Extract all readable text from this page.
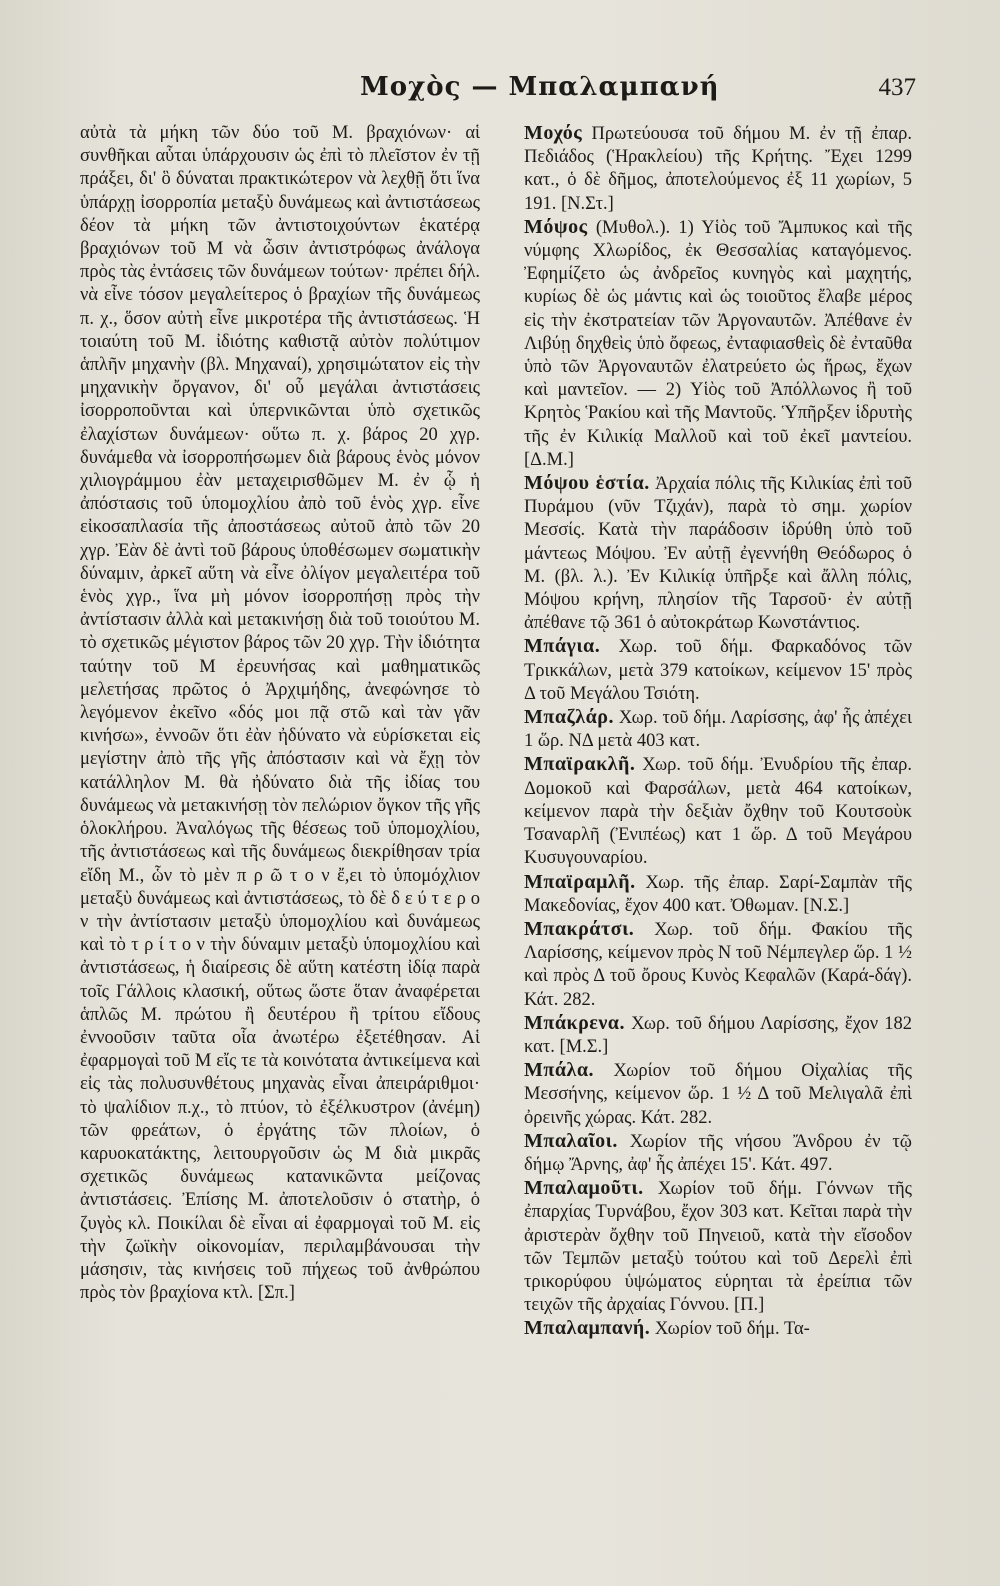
Μοχὸς — Μπαλαμπανή	437

αὐτὰ τὰ μήκη τῶν δύο τοῦ Μ. βραχιόνων· αἱ συνθῆκαι αὗται ὑπάρχουσιν ὡς ἐπὶ τὸ πλεῖστον ἐν τῇ πράξει, δι' ὃ δύναται πρακτικώτερον νὰ λεχθῇ ὅτι ἵνα ὑπάρχῃ ἰσορροπία μεταξὺ δυνάμεως καὶ ἀντιστάσεως δέον τὰ μήκη τῶν ἀντιστοιχούντων ἑκατέρᾳ βραχιόνων τοῦ Μ νὰ ὦσιν ἀντιστρόφως ἀνάλογα πρὸς τὰς ἐντάσεις τῶν δυνάμεων τούτων· πρέπει δήλ. νὰ εἶνε τόσον μεγαλείτερος ὁ βραχίων τῆς δυνάμεως π. χ., ὅσον αὐτὴ εἶνε μικροτέρα τῆς ἀντιστάσεως. Ἡ τοιαύτη τοῦ Μ. ἰδιότης καθιστᾷ αὐτὸν πολύτιμον ἁπλῆν μηχανὴν (βλ. Μηχαναί), χρησιμώτατον εἰς τὴν μηχανικὴν ὄργανον, δι' οὗ μεγάλαι ἀντιστάσεις ἰσορροποῦνται καὶ ὑπερνικῶνται ὑπὸ σχετικῶς ἐλαχίστων δυνάμεων· οὕτω π. χ. βάρος 20 χγρ. δυνάμεθα νὰ ἰσορροπήσωμεν διὰ βάρους ἑνὸς μόνον χιλιογράμμου ἐὰν μεταχειρισθῶμεν Μ. ἐν ᾧ ἡ ἀπόστασις τοῦ ὑπομοχλίου ἀπὸ τοῦ ἑνὸς χγρ. εἶνε εἰκοσαπλασία τῆς ἀποστάσεως αὐτοῦ ἀπὸ τῶν 20 χγρ. Ἐὰν δὲ ἀντὶ τοῦ βάρους ὑποθέσωμεν σωματικὴν δύναμιν, ἀρκεῖ αὕτη νὰ εἶνε ὀλίγον μεγαλειτέρα τοῦ ἑνὸς χγρ., ἵνα μὴ μόνον ἰσορροπήσῃ πρὸς τὴν ἀντίστασιν ἀλλὰ καὶ μετακινήσῃ διὰ τοῦ τοιούτου Μ. τὸ σχετικῶς μέγιστον βάρος τῶν 20 χγρ. Τὴν ἰδιότητα ταύτην τοῦ Μ ἐρευνήσας καὶ μαθηματικῶς μελετήσας πρῶτος ὁ Ἀρχιμήδης, ἀνεφώνησε τὸ λεγόμενον ἐκεῖνο «δός μοι πᾷ στῶ καὶ τὰν γᾶν κινήσω», ἐννοῶν ὅτι ἐὰν ἠδύνατο νὰ εὑρίσκεται εἰς μεγίστην ἀπὸ τῆς γῆς ἀπόστασιν καὶ νὰ ἔχῃ τὸν κατάλληλον Μ. θὰ ἠδύνατο διὰ τῆς ἰδίας του δυνάμεως νὰ μετακινήσῃ τὸν πελώριον ὄγκον τῆς γῆς ὁλοκλήρου. Ἀναλόγως τῆς θέσεως τοῦ ὑπομοχλίου, τῆς ἀντιστάσεως καὶ τῆς δυνάμεως διεκρίθησαν τρία εἴδη Μ., ὧν τὸ μὲν π ρ ῶ τ ο ν ἔ,ει τὸ ὑπομόχλιον μεταξὺ δυνάμεως καὶ ἀντιστάσεως, τὸ δὲ δ ε ύ τ ε ρ ο ν τὴν ἀντίστασιν μεταξὺ ὑπομοχλίου καὶ δυνάμεως καὶ τὸ τ ρ ί τ ο ν τὴν δύναμιν μεταξὺ ὑπομοχλίου καὶ ἀντιστάσεως, ἡ διαίρεσις δὲ αὕτη κατέστη ἰδίᾳ παρὰ τοῖς Γάλλοις κλασική, οὕτως ὥστε ὅταν ἀναφέρεται ἁπλῶς Μ. πρώτου ἢ δευτέρου ἢ τρίτου εἴδους ἐννοοῦσιν ταῦτα οἷα ἀνωτέρω ἐξετέθησαν. Αἱ ἐφαρμογαὶ τοῦ Μ εἴς τε τὰ κοινότατα ἀντικείμενα καὶ εἰς τὰς πολυσυνθέτους μηχανὰς εἶναι ἀπειράριθμοι· τὸ ψαλίδιον π.χ., τὸ πτύον, τὸ ἐξέλκυστρον (ἀνέμη) τῶν φρεάτων, ὁ ἐργάτης τῶν πλοίων, ὁ καρυοκατάκτης, λειτουργοῦσιν ὡς Μ διὰ μικρᾶς σχετικῶς δυνάμεως κατανικῶντα μείζονας ἀντιστάσεις. Ἐπίσης Μ. ἀποτελοῦσιν ὁ στατὴρ, ὁ ζυγὸς κλ. Ποικίλαι δὲ εἶναι αἱ ἐφαρμογαὶ τοῦ Μ. εἰς τὴν ζωϊκὴν οἰκονομίαν, περιλαμβάνουσαι τὴν μάσησιν, τὰς κινήσεις τοῦ πήχεως τοῦ ἀνθρώπου πρὸς τὸν βραχίονα κτλ. [Σπ.]

Μοχός Πρωτεύουσα τοῦ δήμου Μ. ἐν τῇ ἐπαρ. Πεδιάδος (Ἡρακλείου) τῆς Κρήτης. Ἔχει 1299 κατ., ὁ δὲ δῆμος, ἀποτελούμενος ἐξ 11 χωρίων, 5 191. [Ν.Στ.]

Μόψος (Μυθολ.). 1) Υἱὸς τοῦ Ἄμπυκος καὶ τῆς νύμφης Χλωρίδος, ἐκ Θεσσαλίας καταγόμενος. Ἐφημίζετο ὡς ἀνδρεῖος κυνηγὸς καὶ μαχητής, κυρίως δὲ ὡς μάντις καὶ ὡς τοιοῦτος ἔλαβε μέρος εἰς τὴν ἐκστρατείαν τῶν Ἀργοναυτῶν. Ἀπέθανε ἐν Λιβύῃ δηχθεὶς ὑπὸ ὄφεως, ἐνταφιασθεὶς δὲ ἐνταῦθα ὑπὸ τῶν Ἀργοναυτῶν ἐλατρεύετο ὡς ἥρως, ἔχων καὶ μαντεῖον. — 2) Υἱὸς τοῦ Ἀπόλλωνος ἢ τοῦ Κρητὸς Ῥακίου καὶ τῆς Μαντοῦς. Ὑπῆρξεν ἱδρυτὴς τῆς ἐν Κιλικίᾳ Μαλλοῦ καὶ τοῦ ἐκεῖ μαντείου. [Δ.Μ.]

Μόψου ἑστία. Ἀρχαία πόλις τῆς Κιλικίας ἐπὶ τοῦ Πυράμου (νῦν Τζιχάν), παρὰ τὸ σημ. χωρίον Μεσσίς. Κατὰ τὴν παράδοσιν ἱδρύθη ὑπὸ τοῦ μάντεως Μόψου. Ἐν αὐτῇ ἐγεννήθη Θεόδωρος ὁ Μ. (βλ. λ.). Ἐν Κιλικίᾳ ὑπῆρξε καὶ ἄλλη πόλις, Μόψου κρήνη, πλησίον τῆς Ταρσοῦ· ἐν αὐτῇ ἀπέθανε τῷ 361 ὁ αὐτοκράτωρ Κωνστάντιος.

Μπάγια. Χωρ. τοῦ δήμ. Φαρκαδόνος τῶν Τρικκάλων, μετὰ 379 κατοίκων, κείμενον 15' πρὸς Δ τοῦ Μεγάλου Τσιότη.

Μπαζλάρ. Χωρ. τοῦ δήμ. Λαρίσσης, ἀφ' ἧς ἀπέχει 1 ὥρ. ΝΔ μετὰ 403 κατ.

Μπαϊρακλῆ. Χωρ. τοῦ δήμ. Ἐνυδρίου τῆς ἐπαρ. Δομοκοῦ καὶ Φαρσάλων, μετὰ 464 κατοίκων, κείμενον παρὰ τὴν δεξιὰν ὄχθην τοῦ Κουτσοὺκ Τσαναρλῆ (Ἐνιπέως) κατ 1 ὥρ. Δ τοῦ Μεγάρου Κυσυγουναρίου.

Μπαϊραμλῆ. Χωρ. τῆς ἐπαρ. Σαρί-Σαμπὰν τῆς Μακεδονίας, ἔχον 400 κατ. Ὀθωμαν. [Ν.Σ.]

Μπακράτσι. Χωρ. τοῦ δήμ. Φακίου τῆς Λαρίσσης, κείμενον πρὸς Ν τοῦ Νέμπεγλερ ὥρ. 1 ½ καὶ πρὸς Δ τοῦ ὄρους Κυνὸς Κεφαλῶν (Καρά-δάγ). Κάτ. 282.

Μπάκρενα. Χωρ. τοῦ δήμου Λαρίσσης, ἔχον 182 κατ. [Μ.Σ.]

Μπάλα. Χωρίον τοῦ δήμου Οἰχαλίας τῆς Μεσσήνης, κείμενον ὥρ. 1 ½ Δ τοῦ Μελιγαλᾶ ἐπὶ ὀρεινῆς χώρας. Κάτ. 282.

Μπαλαῖοι. Χωρίον τῆς νήσου Ἄνδρου ἐν τῷ δήμῳ Ἄρνης, ἀφ' ἧς ἀπέχει 15'. Κάτ. 497.

Μπαλαμοῦτι. Χωρίον τοῦ δήμ. Γόννων τῆς ἐπαρχίας Τυρνάβου, ἔχον 303 κατ. Κεῖται παρὰ τὴν ἀριστερὰν ὄχθην τοῦ Πηνειοῦ, κατὰ τὴν εἴσοδον τῶν Τεμπῶν μεταξὺ τούτου καὶ τοῦ Δερελὶ ἐπὶ τρικορύφου ὑψώματος εὑρηται τὰ ἐρείπια τῶν τειχῶν τῆς ἀρχαίας Γόννου. [Π.]

Μπαλαμπανή. Χωρίον τοῦ δήμ. Τα-
